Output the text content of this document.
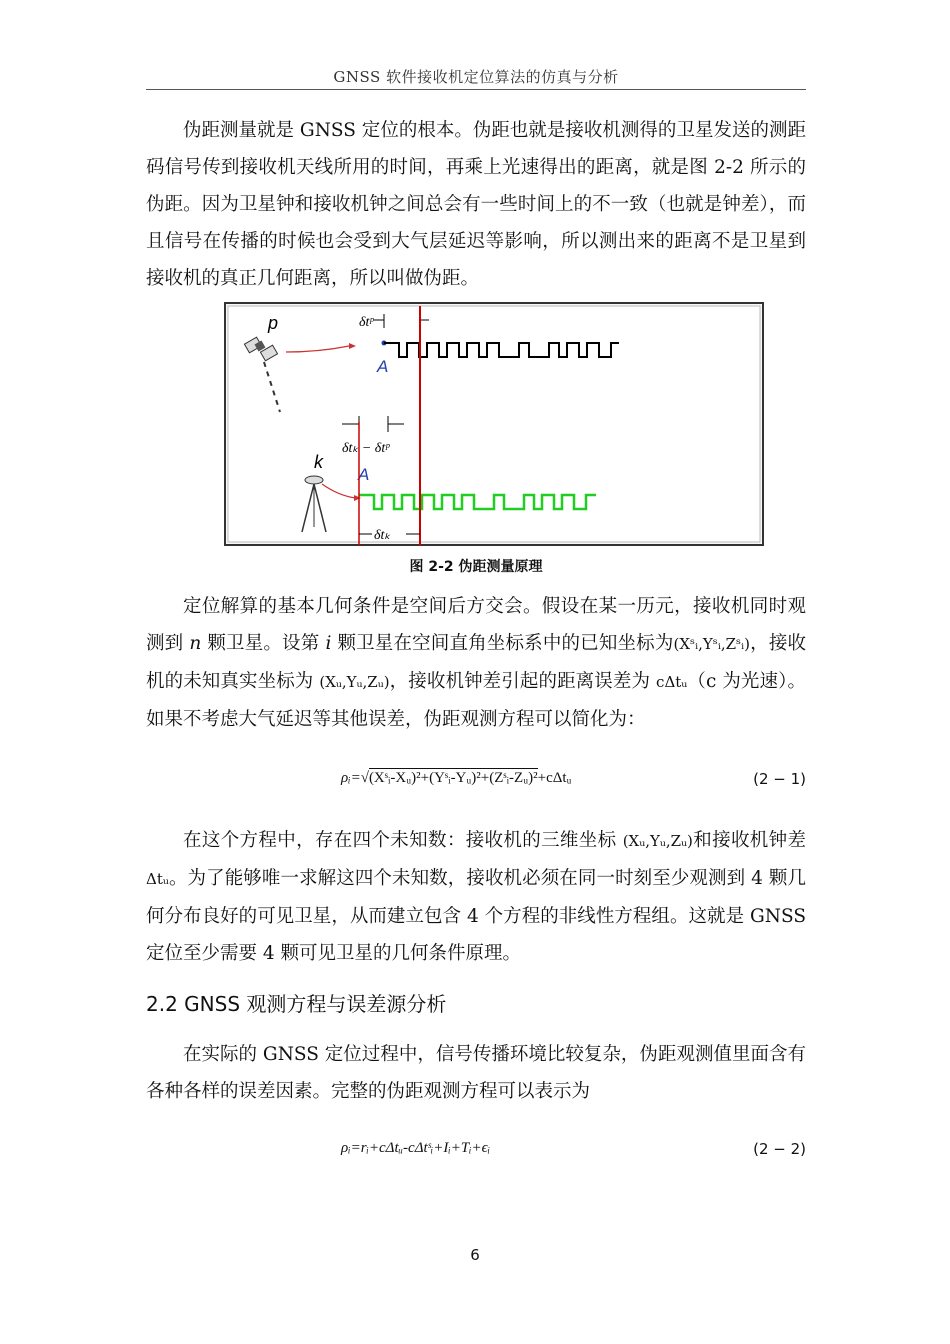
GNSS 软件接收机定位算法的仿真与分析

伪距测量就是 GNSS 定位的根本。伪距也就是接收机测得的卫星发送的测距码信号传到接收机天线所用的时间，再乘上光速得出的距离，就是图 2-2 所示的伪距。因为卫星钟和接收机钟之间总会有一些时间上的不一致（也就是钟差），而且信号在传播的时候也会受到大气层延迟等影响，所以测出来的距离不是卫星到接收机的真正几何距离，所以叫做伪距。

p	δtᵖ
A
k
δtₖ − δtᵖ
A
δtₖ
图 2-2 伪距测量原理

定位解算的基本几何条件是空间后方交会。假设在某一历元，接收机同时观测到 n 颗卫星。设第 i 颗卫星在空间直角坐标系中的已知坐标为(Xˢᵢ,Yˢᵢ,Zˢᵢ)，接收机的未知真实坐标为 (Xᵤ,Yᵤ,Zᵤ)，接收机钟差引起的距离误差为 cΔtᵤ（c 为光速）。如果不考虑大气延迟等其他误差，伪距观测方程可以简化为：

ρᵢ=√(Xˢᵢ-Xᵤ)²+(Yˢᵢ-Yᵤ)²+(Zˢᵢ-Zᵤ)²+cΔtᵤ	(2 − 1)

在这个方程中，存在四个未知数：接收机的三维坐标 (Xᵤ,Yᵤ,Zᵤ)和接收机钟差Δtᵤ。为了能够唯一求解这四个未知数，接收机必须在同一时刻至少观测到 4 颗几何分布良好的可见卫星，从而建立包含 4 个方程的非线性方程组。这就是 GNSS 定位至少需要 4 颗可见卫星的几何条件原理。

2.2 GNSS 观测方程与误差源分析

在实际的 GNSS 定位过程中，信号传播环境比较复杂，伪距观测值里面含有各种各样的误差因素。完整的伪距观测方程可以表示为

ρᵢ=rᵢ+cΔtᵤ-cΔtˢᵢ+Iᵢ+Tᵢ+ϵᵢ	(2 − 2)
6
